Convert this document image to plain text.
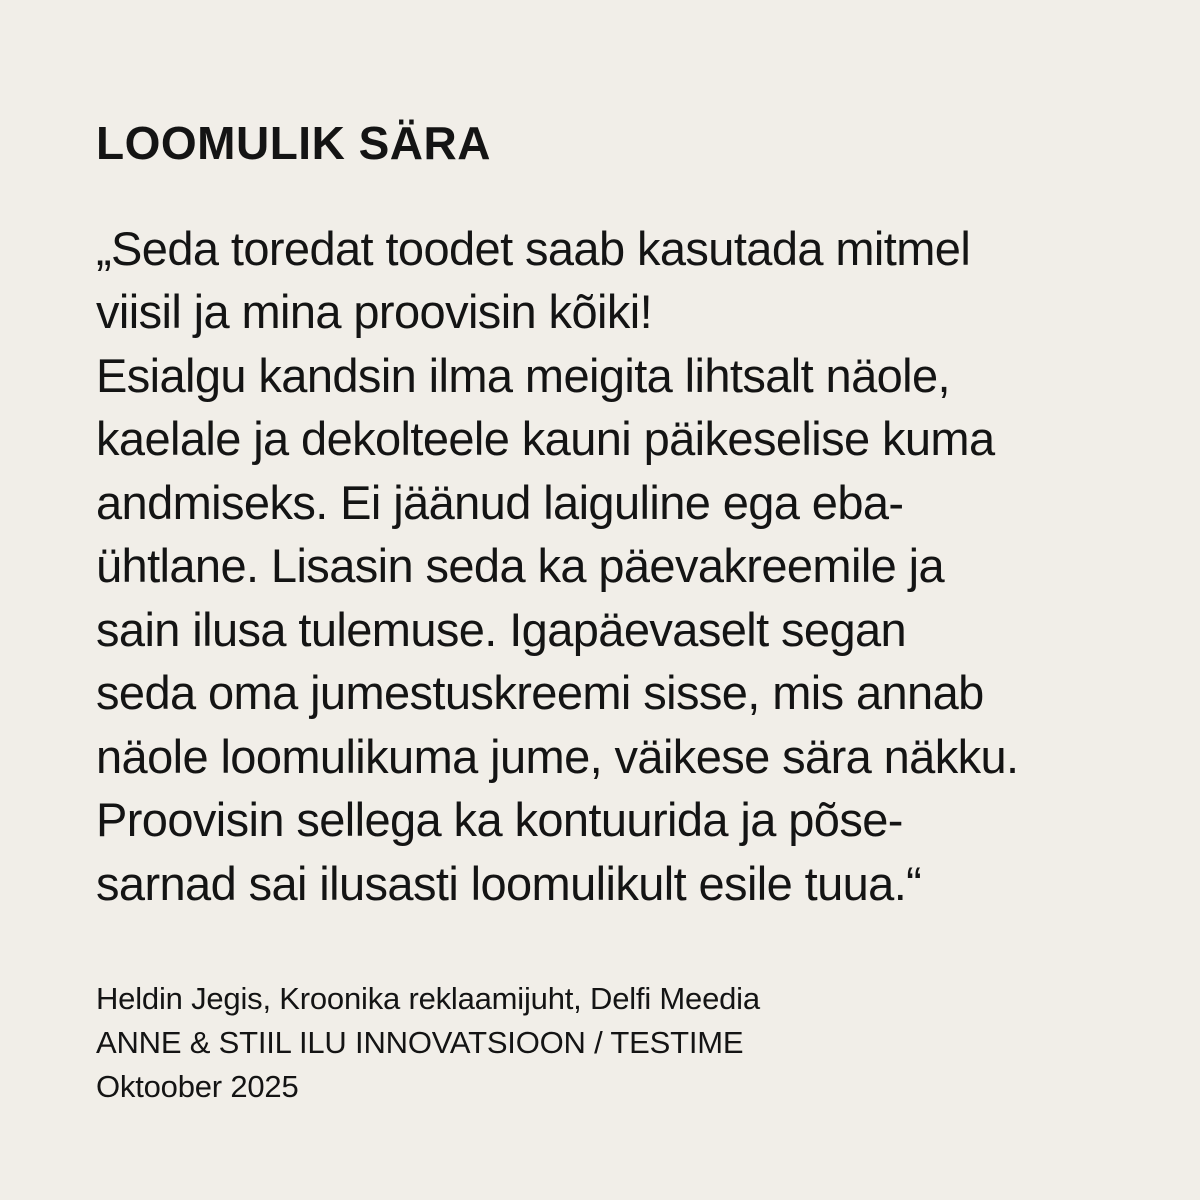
LOOMULIK SÄRA
„Seda toredat toodet saab kasutada mitmel
viisil ja mina proovisin kõiki!
Esialgu kandsin ilma meigita lihtsalt näole,
kaelale ja dekolteele kauni päikeselise kuma
andmiseks. Ei jäänud laiguline ega eba-
ühtlane. Lisasin seda ka päevakreemile ja
sain ilusa tulemuse. Igapäevaselt segan
seda oma jumestuskreemi sisse, mis annab
näole loomulikuma jume, väikese sära näkku.
Proovisin sellega ka kontuurida ja põse-
sarnad sai ilusasti loomulikult esile tuua.“
Heldin Jegis, Kroonika reklaamijuht, Delfi Meedia
ANNE & STIIL ILU INNOVATSIOON / TESTIME
Oktoober 2025
